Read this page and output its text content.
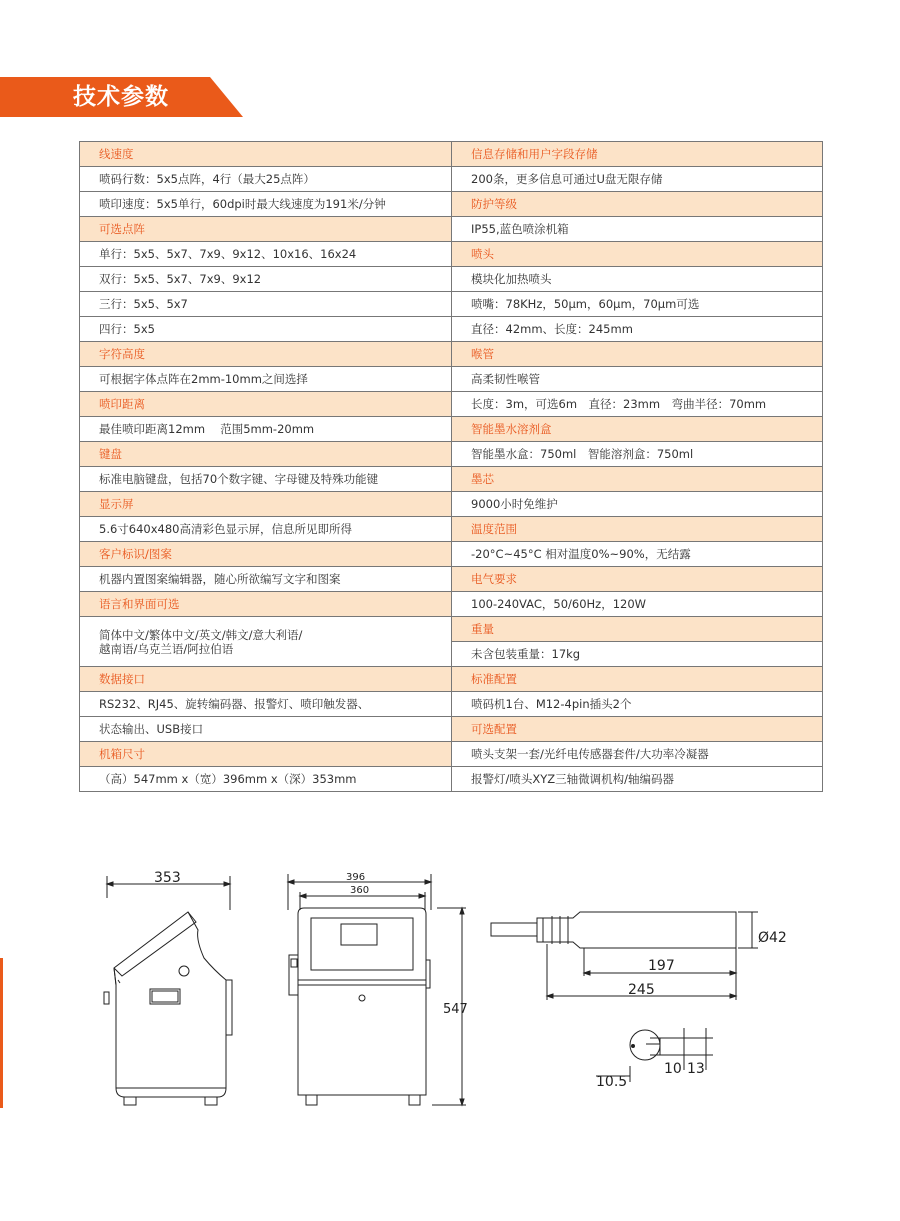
技术参数
线速度	信息存储和用户字段存储
喷码行数：5x5点阵，4行（最大25点阵）	200条，更多信息可通过U盘无限存储
喷印速度：5x5单行，60dpi时最大线速度为191米/分钟	防护等级
可选点阵	IP55,蓝色喷涂机箱
单行：5x5、5x7、7x9、9x12、10x16、16x24	喷头
双行：5x5、5x7、7x9、9x12	模块化加热喷头
三行：5x5、5x7	喷嘴：78KHz，50μm，60μm，70μm可选
四行：5x5	直径：42mm、长度：245mm
字符高度	喉管
可根据字体点阵在2mm-10mm之间选择	高柔韧性喉管
喷印距离	长度：3m，可选6m　直径：23mm　弯曲半径：70mm
最佳喷印距离12mm　 范围5mm-20mm	智能墨水溶剂盒
键盘	智能墨水盒：750ml　智能溶剂盒：750ml
标准电脑键盘，包括70个数字键、字母键及特殊功能键	墨芯
显示屏	9000小时免维护
5.6寸640x480高清彩色显示屏，信息所见即所得	温度范围
客户标识/图案	-20°C~45°C 相对温度0%~90%，无结露
机器内置图案编辑器，随心所欲编写文字和图案	电气要求
语言和界面可选	100-240VAC，50/60Hz，120W

简体中文/繁体中文/英文/韩文/意大利语/
越南语/乌克兰语/阿拉伯语	重量
	未含包装重量：17kg
数据接口	标准配置
RS232、RJ45、旋转编码器、报警灯、喷印触发器、	喷码机1台、M12-4pin插头2个
状态输出、USB接口	可选配置
机箱尺寸	喷头支架一套/光纤电传感器套件/大功率冷凝器
（高）547mm x（宽）396mm x（深）353mm	报警灯/喷头XYZ三轴微调机构/轴编码器
353	396
360
547
Ø42
197
245
10.5
10 13
